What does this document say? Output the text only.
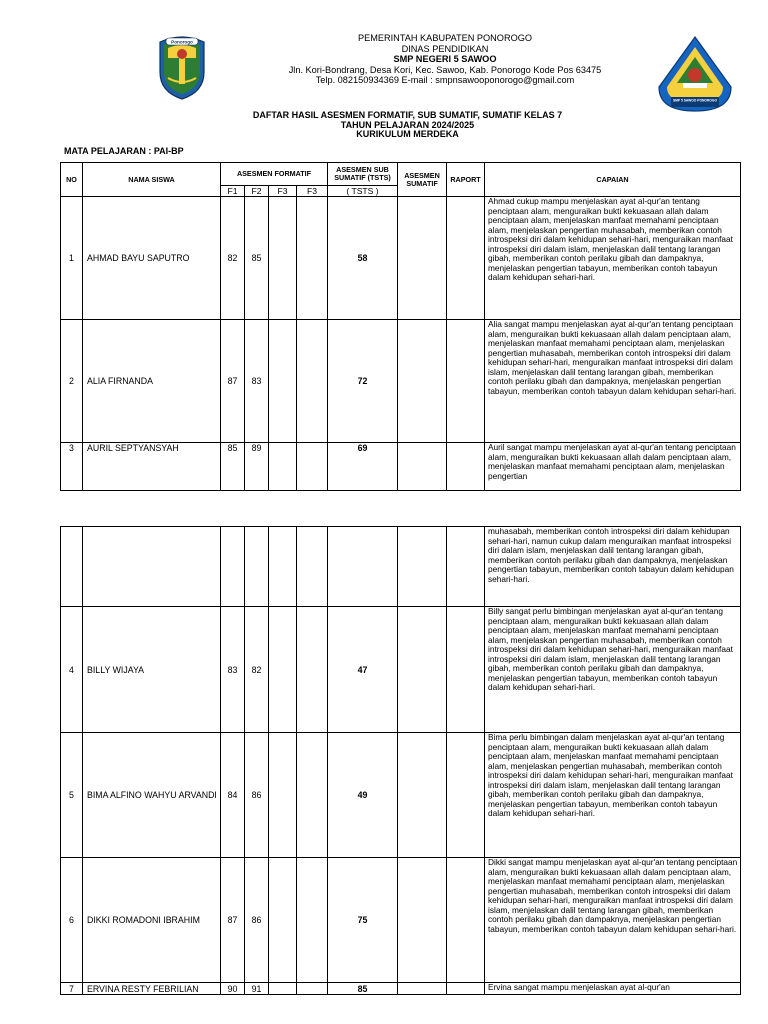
Ponorogo	PEMERINTAH KABUPATEN PONOROGO
DINAS PENDIDIKAN
SMP NEGERI 5 SAWOO
Jln. Kori-Bondrang, Desa Kori, Kec. Sawoo, Kab. Ponorogo Kode Pos 63475
Telp. 082150934369 E-mail : smpnsawooponorogo@gmail.com
SMP 5 SAWOO PONOROGO
DAFTAR HASIL ASESMEN FORMATIF, SUB SUMATIF, SUMATIF KELAS 7
TAHUN PELAJARAN 2024/2025
KURIKULUM MERDEKA
MATA PELAJARAN : PAI-BP
NO	NAMA SISWA	ASESMEN FORMATIF				ASESMEN SUB SUMATIF (TSTS)	ASESMEN SUMATIF	RAPORT	CAPAIAN
		F1	F2	F3	F3	( TSTS )			
1	AHMAD BAYU SAPUTRO	82	85			58			Ahmad cukup mampu menjelaskan ayat al-qur'an tentang penciptaan alam, menguraikan bukti kekuasaan allah dalam penciptaan alam, menjelaskan manfaat memahami penciptaan alam, menjelaskan pengertian muhasabah, memberikan contoh introspeksi diri dalam kehidupan sehari-hari, menguraikan manfaat introspeksi diri dalam islam, menjelaskan dalil tentang larangan gibah, memberikan contoh perilaku gibah dan dampaknya, menjelaskan pengertian tabayun, memberikan contoh tabayun dalam kehidupan sehari-hari.
2	ALIA FIRNANDA	87	83			72			Alia sangat mampu menjelaskan ayat al-qur'an tentang penciptaan alam, menguraikan bukti kekuasaan allah dalam penciptaan alam, menjelaskan manfaat memahami penciptaan alam, menjelaskan pengertian muhasabah, memberikan contoh introspeksi diri dalam kehidupan sehari-hari, menguraikan manfaat introspeksi diri dalam islam, menjelaskan dalil tentang larangan gibah, memberikan contoh perilaku gibah dan dampaknya, menjelaskan pengertian tabayun, memberikan contoh tabayun dalam kehidupan sehari-hari.
3	AURIL SEPTYANSYAH	85	89			69			Auril sangat mampu menjelaskan ayat al-qur'an tentang penciptaan alam, menguraikan bukti kekuasaan allah dalam penciptaan alam, menjelaskan manfaat memahami penciptaan alam, menjelaskan pengertian
									muhasabah, memberikan contoh introspeksi diri dalam kehidupan sehari-hari, namun cukup dalam menguraikan manfaat introspeksi diri dalam islam, menjelaskan dalil tentang larangan gibah, memberikan contoh perilaku gibah dan dampaknya, menjelaskan pengertian tabayun, memberikan contoh tabayun dalam kehidupan sehari-hari.
4	BILLY WIJAYA	83	82			47			Billy sangat perlu bimbingan menjelaskan ayat al-qur'an tentang penciptaan alam, menguraikan bukti kekuasaan allah dalam penciptaan alam, menjelaskan manfaat memahami penciptaan alam, menjelaskan pengertian muhasabah, memberikan contoh introspeksi diri dalam kehidupan sehari-hari, menguraikan manfaat introspeksi diri dalam islam, menjelaskan dalil tentang larangan gibah, memberikan contoh perilaku gibah dan dampaknya, menjelaskan pengertian tabayun, memberikan contoh tabayun dalam kehidupan sehari-hari.
5	BIMA ALFINO WAHYU ARVANDI	84	86			49			Bima perlu bimbingan dalam menjelaskan ayat al-qur'an tentang penciptaan alam, menguraikan bukti kekuasaan allah dalam penciptaan alam, menjelaskan manfaat memahami penciptaan alam, menjelaskan pengertian muhasabah, memberikan contoh introspeksi diri dalam kehidupan sehari-hari, menguraikan manfaat introspeksi diri dalam islam, menjelaskan dalil tentang larangan gibah, memberikan contoh perilaku gibah dan dampaknya, menjelaskan pengertian tabayun, memberikan contoh tabayun dalam kehidupan sehari-hari.
6	DIKKI ROMADONI IBRAHIM	87	86			75			Dikki sangat mampu menjelaskan ayat al-qur'an tentang penciptaan alam, menguraikan bukti kekuasaan allah dalam penciptaan alam, menjelaskan manfaat memahami penciptaan alam, menjelaskan pengertian muhasabah, memberikan contoh introspeksi diri dalam kehidupan sehari-hari, menguraikan manfaat introspeksi diri dalam islam, menjelaskan dalil tentang larangan gibah, memberikan contoh perilaku gibah dan dampaknya, menjelaskan pengertian tabayun, memberikan contoh tabayun dalam kehidupan sehari-hari.
7	ERVINA RESTY FEBRILIAN	90	91			85			Ervina sangat mampu menjelaskan ayat al-qur'an
